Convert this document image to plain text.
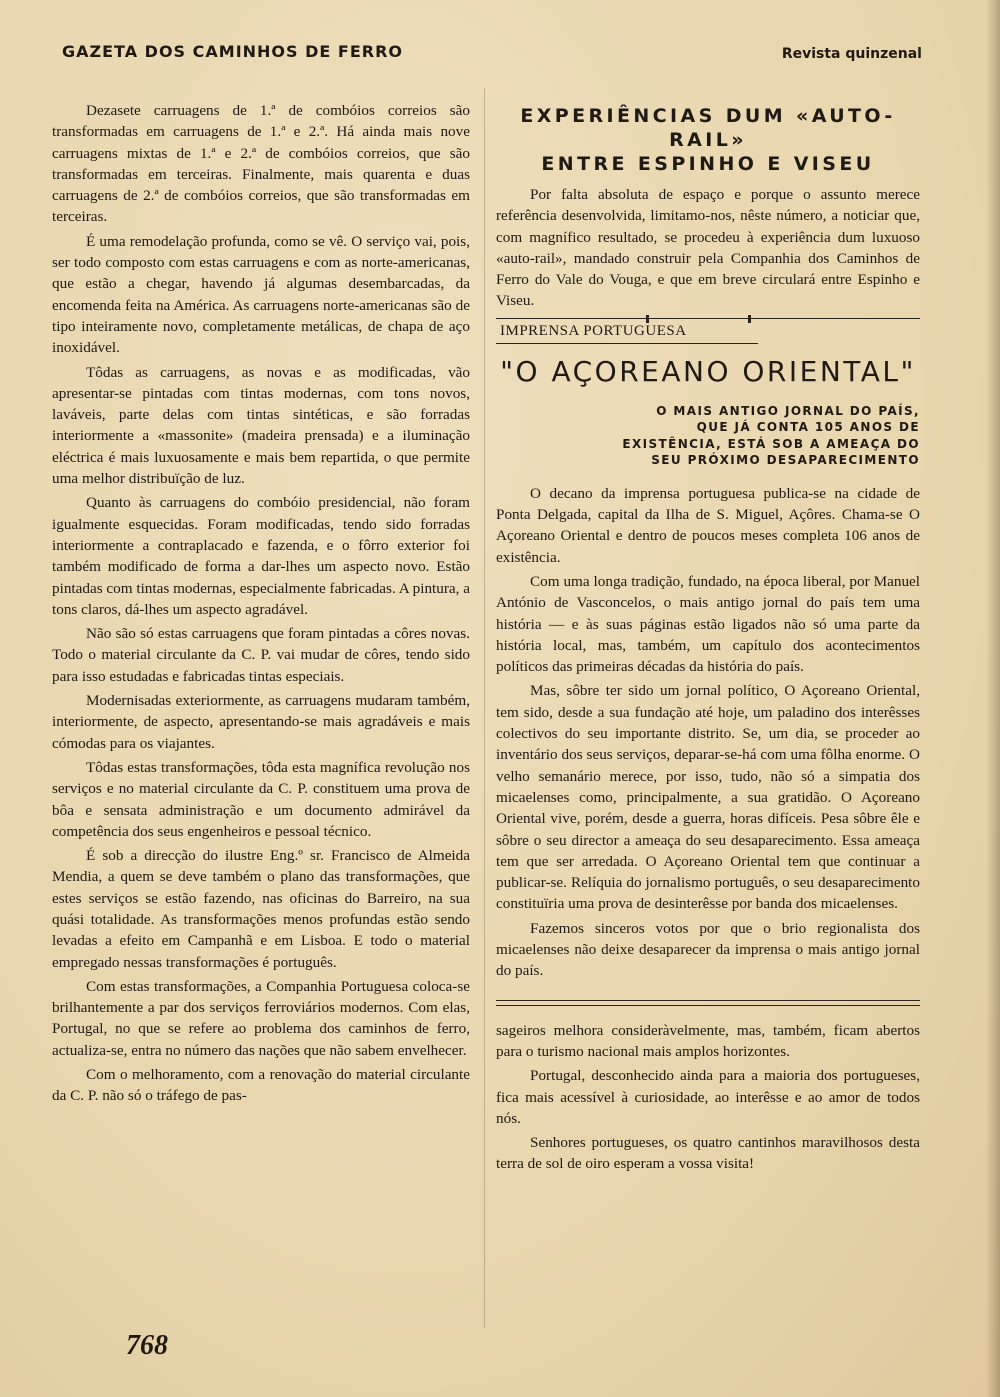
GAZETA DOS CAMINHOS DE FERRO	Revista quinzenal

Dezasete carruagens de 1.ª de combóios correios são transformadas em carruagens de 1.ª e 2.ª. Há ainda mais nove carruagens mixtas de 1.ª e 2.ª de combóios correios, que são transformadas em terceiras. Finalmente, mais quarenta e duas carruagens de 2.ª de combóios correios, que são transformadas em terceiras.

É uma remodelação profunda, como se vê. O serviço vai, pois, ser todo composto com estas carruagens e com as norte-americanas, que estão a chegar, havendo já algumas desembarcadas, da encomenda feita na América. As carruagens norte-americanas são de tipo inteiramente novo, completamente metálicas, de chapa de aço inoxidável.

Tôdas as carruagens, as novas e as modificadas, vão apresentar-se pintadas com tintas modernas, com tons novos, laváveis, parte delas com tintas sintéticas, e são forradas interiormente a «massonite» (madeira prensada) e a iluminação eléctrica é mais luxuosamente e mais bem repartida, o que permite uma melhor distribuïção de luz.

Quanto às carruagens do combóio presidencial, não foram igualmente esquecidas. Foram modificadas, tendo sido forradas interiormente a contraplacado e fazenda, e o fôrro exterior foi também modificado de forma a dar-lhes um aspecto novo. Estão pintadas com tintas modernas, especialmente fabricadas. A pintura, a tons claros, dá-lhes um aspecto agradável.

Não são só estas carruagens que foram pintadas a côres novas. Todo o material circulante da C. P. vai mudar de côres, tendo sido para isso estudadas e fabricadas tintas especiais.

Modernisadas exteriormente, as carruagens mudaram também, interiormente, de aspecto, apresentando-se mais agradáveis e mais cómodas para os viajantes.

Tôdas estas transformações, tôda esta magnífica revolução nos serviços e no material circulante da C. P. constituem uma prova de bôa e sensata administração e um documento admirável da competência dos seus engenheiros e pessoal técnico.

É sob a direcção do ilustre Eng.º sr. Francisco de Almeida Mendia, a quem se deve também o plano das transformações, que estes serviços se estão fazendo, nas oficinas do Barreiro, na sua quási totalidade. As transformações menos profundas estão sendo levadas a efeito em Campanhã e em Lisboa. E todo o material empregado nessas transformações é português.

Com estas transformações, a Companhia Portuguesa coloca-se brilhantemente a par dos serviços ferroviários modernos. Com elas, Portugal, no que se refere ao problema dos caminhos de ferro, actualiza-se, entra no número das nações que não sabem envelhecer.

Com o melhoramento, com a renovação do material circulante da C. P. não só o tráfego de pas-

EXPERIÊNCIAS DUM «AUTO-RAIL»
ENTRE ESPINHO E VISEU

Por falta absoluta de espaço e porque o assunto merece referência desenvolvida, limitamo-nos, nêste número, a noticiar que, com magnífico resultado, se procedeu à experiência dum luxuoso «auto-rail», mandado construir pela Companhia dos Caminhos de Ferro do Vale do Vouga, e que em breve circulará entre Espinho e Viseu.

IMPRENSA PORTUGUESA
"O AÇOREANO ORIENTAL"
O MAIS ANTIGO JORNAL DO PAÍS, QUE JÁ CONTA 105 ANOS DE EXISTÊNCIA, ESTÁ SOB A AMEAÇA DO SEU PRÓXIMO DESAPARECIMENTO

O decano da imprensa portuguesa publica-se na cidade de Ponta Delgada, capital da Ilha de S. Miguel, Açôres. Chama-se O Açoreano Oriental e dentro de poucos meses completa 106 anos de existência.

Com uma longa tradição, fundado, na época liberal, por Manuel António de Vasconcelos, o mais antigo jornal do país tem uma história — e às suas páginas estão ligados não só uma parte da história local, mas, também, um capítulo dos acontecimentos políticos das primeiras décadas da história do país.

Mas, sôbre ter sido um jornal político, O Açoreano Oriental, tem sido, desde a sua fundação até hoje, um paladino dos interêsses colectivos do seu importante distrito. Se, um dia, se proceder ao inventário dos seus serviços, deparar-se-há com uma fôlha enorme. O velho semanário merece, por isso, tudo, não só a simpatia dos micaelenses como, principalmente, a sua gratidão. O Açoreano Oriental vive, porém, desde a guerra, horas difíceis. Pesa sôbre êle e sôbre o seu director a ameaça do seu desaparecimento. Essa ameaça tem que ser arredada. O Açoreano Oriental tem que continuar a publicar-se. Relíquia do jornalismo português, o seu desaparecimento constituïria uma prova de desinterêsse por banda dos micaelenses.

Fazemos sinceros votos por que o brio regionalista dos micaelenses não deixe desaparecer da imprensa o mais antigo jornal do país.

sageiros melhora consideràvelmente, mas, também, ficam abertos para o turismo nacional mais amplos horizontes.

Portugal, desconhecido ainda para a maioria dos portugueses, fica mais acessível à curiosidade, ao interêsse e ao amor de todos nós.

Senhores portugueses, os quatro cantinhos maravilhosos desta terra de sol de oiro esperam a vossa visita!

768
